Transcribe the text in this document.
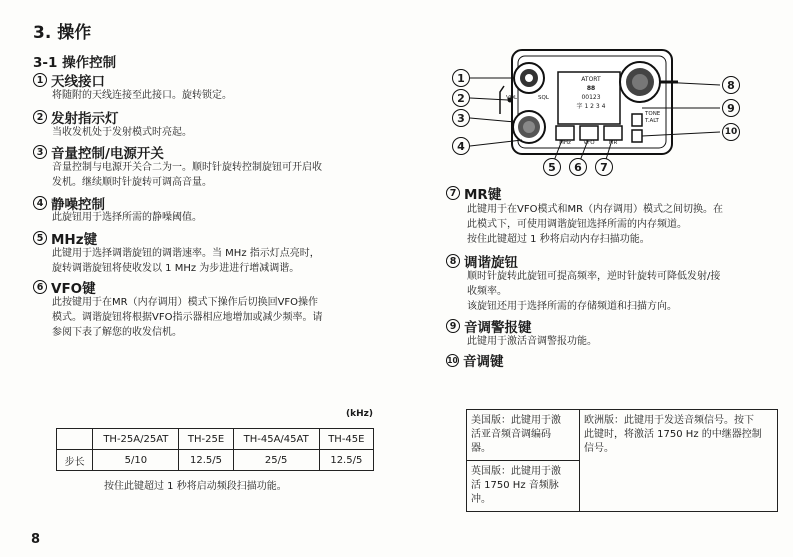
3. 操作
3-1 操作控制
1 天线接口
将随附的天线连接至此接口。旋转锁定。
2 发射指示灯
当收发机处于发射模式时亮起。
3 音量控制/电源开关
音量控制与电源开关合二为一。顺时针旋转控制旋钮可开启收
发机。继续顺时针旋转可调高音量。
4 静噪控制
此旋钮用于选择所需的静噪阈值。
5 MHz键
此键用于选择调谐旋钮的调谐速率。当 MHz 指示灯点亮时，
旋转调谐旋钮将使收发以 1 MHz 为步进进行增减调谐。
6 VFO键
此按键用于在MR（内存调用）模式下操作后切换回VFO操作
模式。调谐旋钮将根据VFO指示器相应地增加或减少频率。请
参阅下表了解您的收发信机。
(kHz)
	TH-25A/25AT	TH-25E	TH-45A/45AT	TH-45E
步长	5/10	12.5/5	25/5	12.5/5
按住此键超过 1 秒将启动频段扫描功能。
8
ATORT
88
00123
字 1 2 3 4
VOL	SQL
MHz	VFO	MR
TONE
T.ALT
1
2
3
4
5	6	7
8
9
10
7 MR键
此键用于在VFO模式和MR（内存调用）模式之间切换。在
此模式下，可使用调谐旋钮选择所需的内存频道。
按住此键超过 1 秒将启动内存扫描功能。
8 调谐旋钮
顺时针旋转此旋钮可提高频率，逆时针旋转可降低发射/接
收频率。
该旋钮还用于选择所需的存储频道和扫描方向。
9 音调警报键
此键用于激活音调警报功能。
10 音调键
美国版：此键用于激
活亚音频音调编码
器。

欧洲版：此键用于发送音频信号。按下
此键时，将激活 1750 Hz 的中继器控制
信号。

英国版：此键用于激
活 1750 Hz 音频脉
冲。
